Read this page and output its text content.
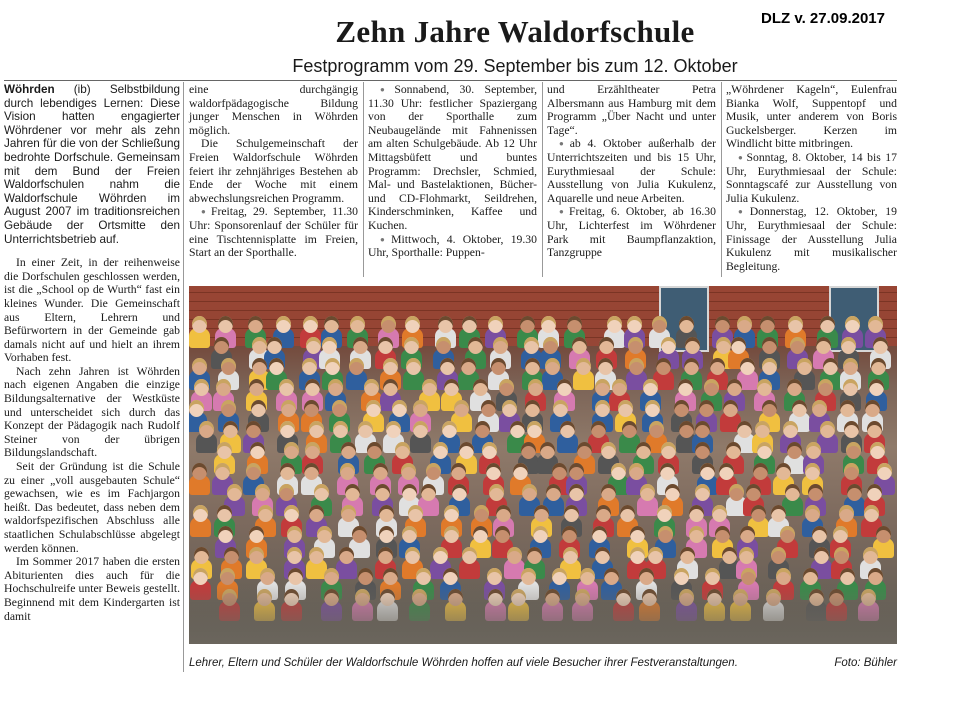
DLZ v. 27.09.2017
Zehn Jahre Waldorfschule
Festprogramm vom 29. September bis zum 12. Oktober

Wöhrden (ib) Selbstbildung durch lebendiges Lernen: Diese Vision hatten engagierter Wöhrdener vor mehr als zehn Jahren für die von der Schließung bedrohte Dorfschule. Gemeinsam mit dem Bund der Freien Waldorfschulen nahm die Waldorfschule Wöhrden im August 2007 im traditionsreichen Gebäude der Ortsmitte den Unterrichtsbetrieb auf.

In einer Zeit, in der reihenweise die Dorfschulen geschlossen werden, ist die „School op de Wurth“ fast ein kleines Wunder. Die Gemeinschaft aus Eltern, Lehrern und Befürwortern in der Gemeinde gab damals nicht auf und hielt an ihrem Vorhaben fest.

Nach zehn Jahren ist Wöhrden nach eigenen Angaben die einzige Bildungsalternative der Westküste und unterscheidet sich durch das Konzept der Pädagogik nach Rudolf Steiner von der übrigen Bildungslandschaft.

Seit der Gründung ist die Schule zu einer „voll ausgebauten Schule“ gewachsen, wie es im Fachjargon heißt. Das bedeutet, dass neben dem waldorfspezifischen Abschluss alle staatlichen Schulabschlüsse abgelegt werden können.

Im Sommer 2017 haben die ersten Abiturienten dies auch für die Hochschulreife unter Beweis gestellt. Beginnend mit dem Kindergarten ist damit

eine durchgängig waldorfpädagogische Bildung junger Menschen in Wöhrden möglich.

Die Schulgemeinschaft der Freien Waldorfschule Wöhrden feiert ihr zehnjähriges Bestehen ab Ende der Woche mit einem abwechslungsreichen Programm.

● Freitag, 29. September, 11.30 Uhr: Sponsorenlauf der Schüler für eine Tischtennisplatte im Freien, Start an der Sporthalle.

● Sonnabend, 30. September, 11.30 Uhr: festlicher Spaziergang von der Sporthalle zum Neubaugelände mit Fahnenissen am alten Schulgebäude. Ab 12 Uhr Mittagsbüfett und buntes Programm: Drechsler, Schmied, Mal- und Bastelaktionen, Bücher- und CD-Flohmarkt, Seildrehen, Kinderschminken, Kaffee und Kuchen.

● Mittwoch, 4. Oktober, 19.30 Uhr, Sporthalle: Puppen-

und Erzähltheater Petra Albersmann aus Hamburg mit dem Programm „Über Nacht und unter Tage“.

● ab 4. Oktober außerhalb der Unterrichtszeiten und bis 15 Uhr, Eurythmiesaal der Schule: Ausstellung von Julia Kukulenz, Aquarelle und neue Arbeiten.

● Freitag, 6. Oktober, ab 16.30 Uhr, Lichterfest im Wöhrdener Park mit Baumpflanzaktion, Tanzgruppe

„Wöhrdener Kageln“, Eulenfrau Bianka Wolf, Suppentopf und Musik, unter anderem von Boris Guckelsberger. Kerzen im Windlicht bitte mitbringen.

● Sonntag, 8. Oktober, 14 bis 17 Uhr, Eurythmiesaal der Schule: Sonntagscafé zur Ausstellung von Julia Kukulenz.

● Donnerstag, 12. Oktober, 19 Uhr, Eurythmiesaal der Schule: Finissage der Ausstellung Julia Kukulenz mit musikalischer Begleitung.

Lehrer, Eltern und Schüler der Waldorfschule Wöhrden hoffen auf viele Besucher ihrer Festveranstaltungen.	Foto: Bühler
